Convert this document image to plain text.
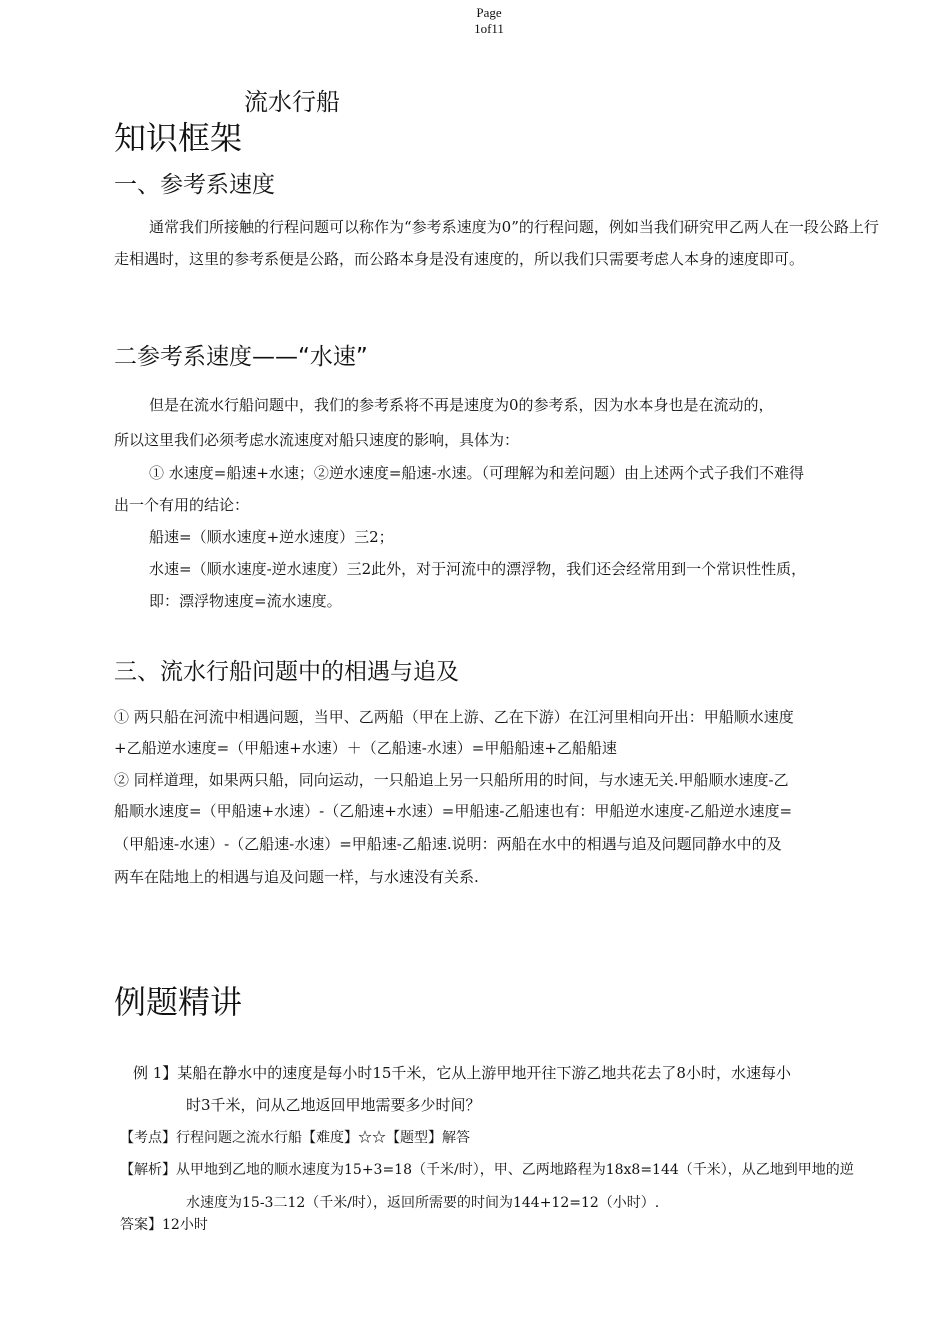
Page
1of11
流水行船
知识框架
一、参考系速度

通常我们所接触的行程问题可以称作为“参考系速度为0”的行程问题，例如当我们研究甲乙两人在一段公路上行走相遇时，这里的参考系便是公路，而公路本身是没有速度的，所以我们只需要考虑人本身的速度即可。

二参考系速度——“水速”

但是在流水行船问题中，我们的参考系将不再是速度为0的参考系，因为水本身也是在流动的，

所以这里我们必须考虑水流速度对船只速度的影响，具体为：

① 水速度=船速+水速；②逆水速度=船速-水速。（可理解为和差问题）由上述两个式子我们不难得

出一个有用的结论：

船速=（顺水速度+逆水速度）三2；

水速=（顺水速度-逆水速度）三2此外，对于河流中的漂浮物，我们还会经常用到一个常识性性质，

即：漂浮物速度=流水速度。

三、流水行船问题中的相遇与追及

① 两只船在河流中相遇问题，当甲、乙两船（甲在上游、乙在下游）在江河里相向开出：甲船顺水速度

+乙船逆水速度=（甲船速+水速）＋（乙船速-水速）=甲船船速+乙船船速

② 同样道理，如果两只船，同向运动，一只船追上另一只船所用的时间，与水速无关.甲船顺水速度-乙

船顺水速度=（甲船速+水速）-（乙船速+水速）=甲船速-乙船速也有：甲船逆水速度-乙船逆水速度=

（甲船速-水速）-（乙船速-水速）=甲船速-乙船速.说明：两船在水中的相遇与追及问题同静水中的及

两车在陆地上的相遇与追及问题一样，与水速没有关系.

例题精讲

例 1】某船在静水中的速度是每小时15千米，它从上游甲地开往下游乙地共花去了8小时，水速每小

时3千米，问从乙地返回甲地需要多少时间？

【考点】行程问题之流水行船【难度】☆☆【题型】解答

【解析】从甲地到乙地的顺水速度为15+3=18（千米/时），甲、乙两地路程为18x8=144（千米），从乙地到甲地的逆

水速度为15-3二12（千米/时），返回所需要的时间为144+12=12（小时）.

答案】12小时
